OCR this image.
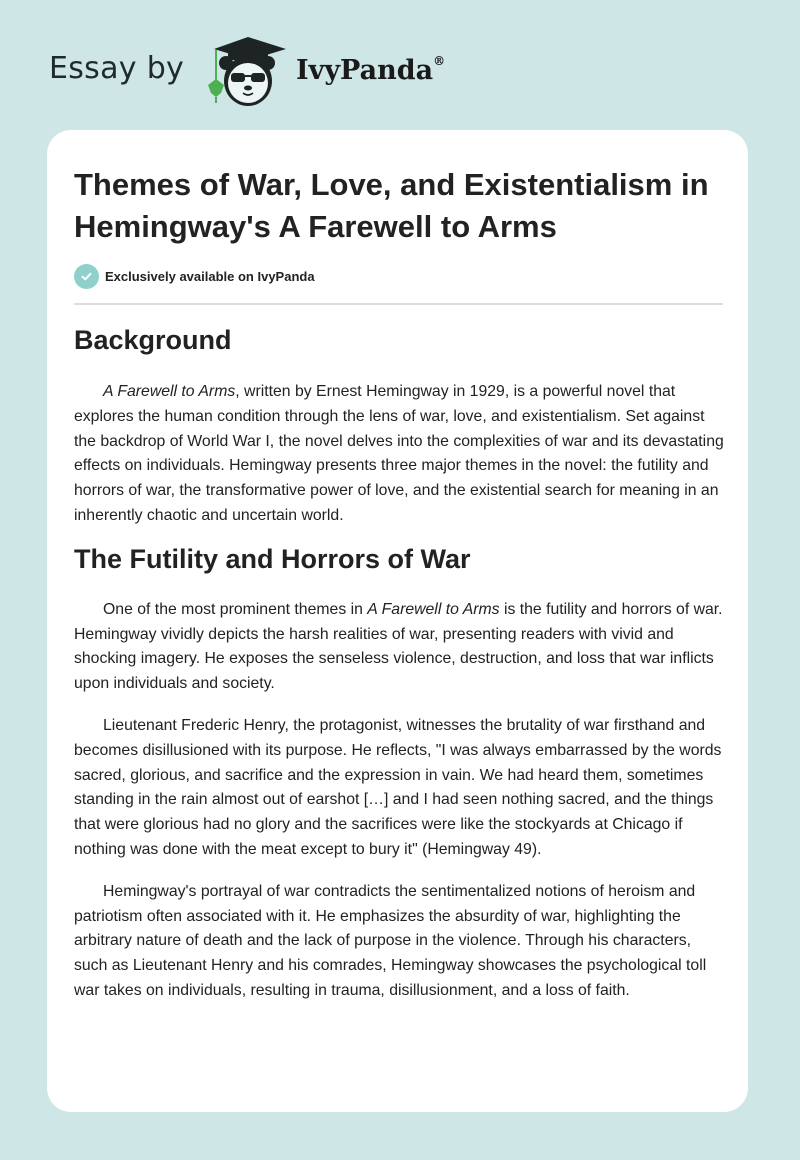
Essay by	IvyPanda®
Themes of War, Love, and Existentialism in Hemingway's A Farewell to Arms
Exclusively available on IvyPanda
Background

A Farewell to Arms, written by Ernest Hemingway in 1929, is a powerful novel that explores the human condition through the lens of war, love, and existentialism. Set against the backdrop of World War I, the novel delves into the complexities of war and its devastating effects on individuals. Hemingway presents three major themes in the novel: the futility and horrors of war, the transformative power of love, and the existential search for meaning in an inherently chaotic and uncertain world.

The Futility and Horrors of War

One of the most prominent themes in A Farewell to Arms is the futility and horrors of war. Hemingway vividly depicts the harsh realities of war, presenting readers with vivid and shocking imagery. He exposes the senseless violence, destruction, and loss that war inflicts upon individuals and society.

Lieutenant Frederic Henry, the protagonist, witnesses the brutality of war firsthand and becomes disillusioned with its purpose. He reflects, "I was always embarrassed by the words sacred, glorious, and sacrifice and the expression in vain. We had heard them, sometimes standing in the rain almost out of earshot […] and I had seen nothing sacred, and the things that were glorious had no glory and the sacrifices were like the stockyards at Chicago if nothing was done with the meat except to bury it" (Hemingway 49).

Hemingway's portrayal of war contradicts the sentimentalized notions of heroism and patriotism often associated with it. He emphasizes the absurdity of war, highlighting the arbitrary nature of death and the lack of purpose in the violence. Through his characters, such as Lieutenant Henry and his comrades, Hemingway showcases the psychological toll war takes on individuals, resulting in trauma, disillusionment, and a loss of faith.
